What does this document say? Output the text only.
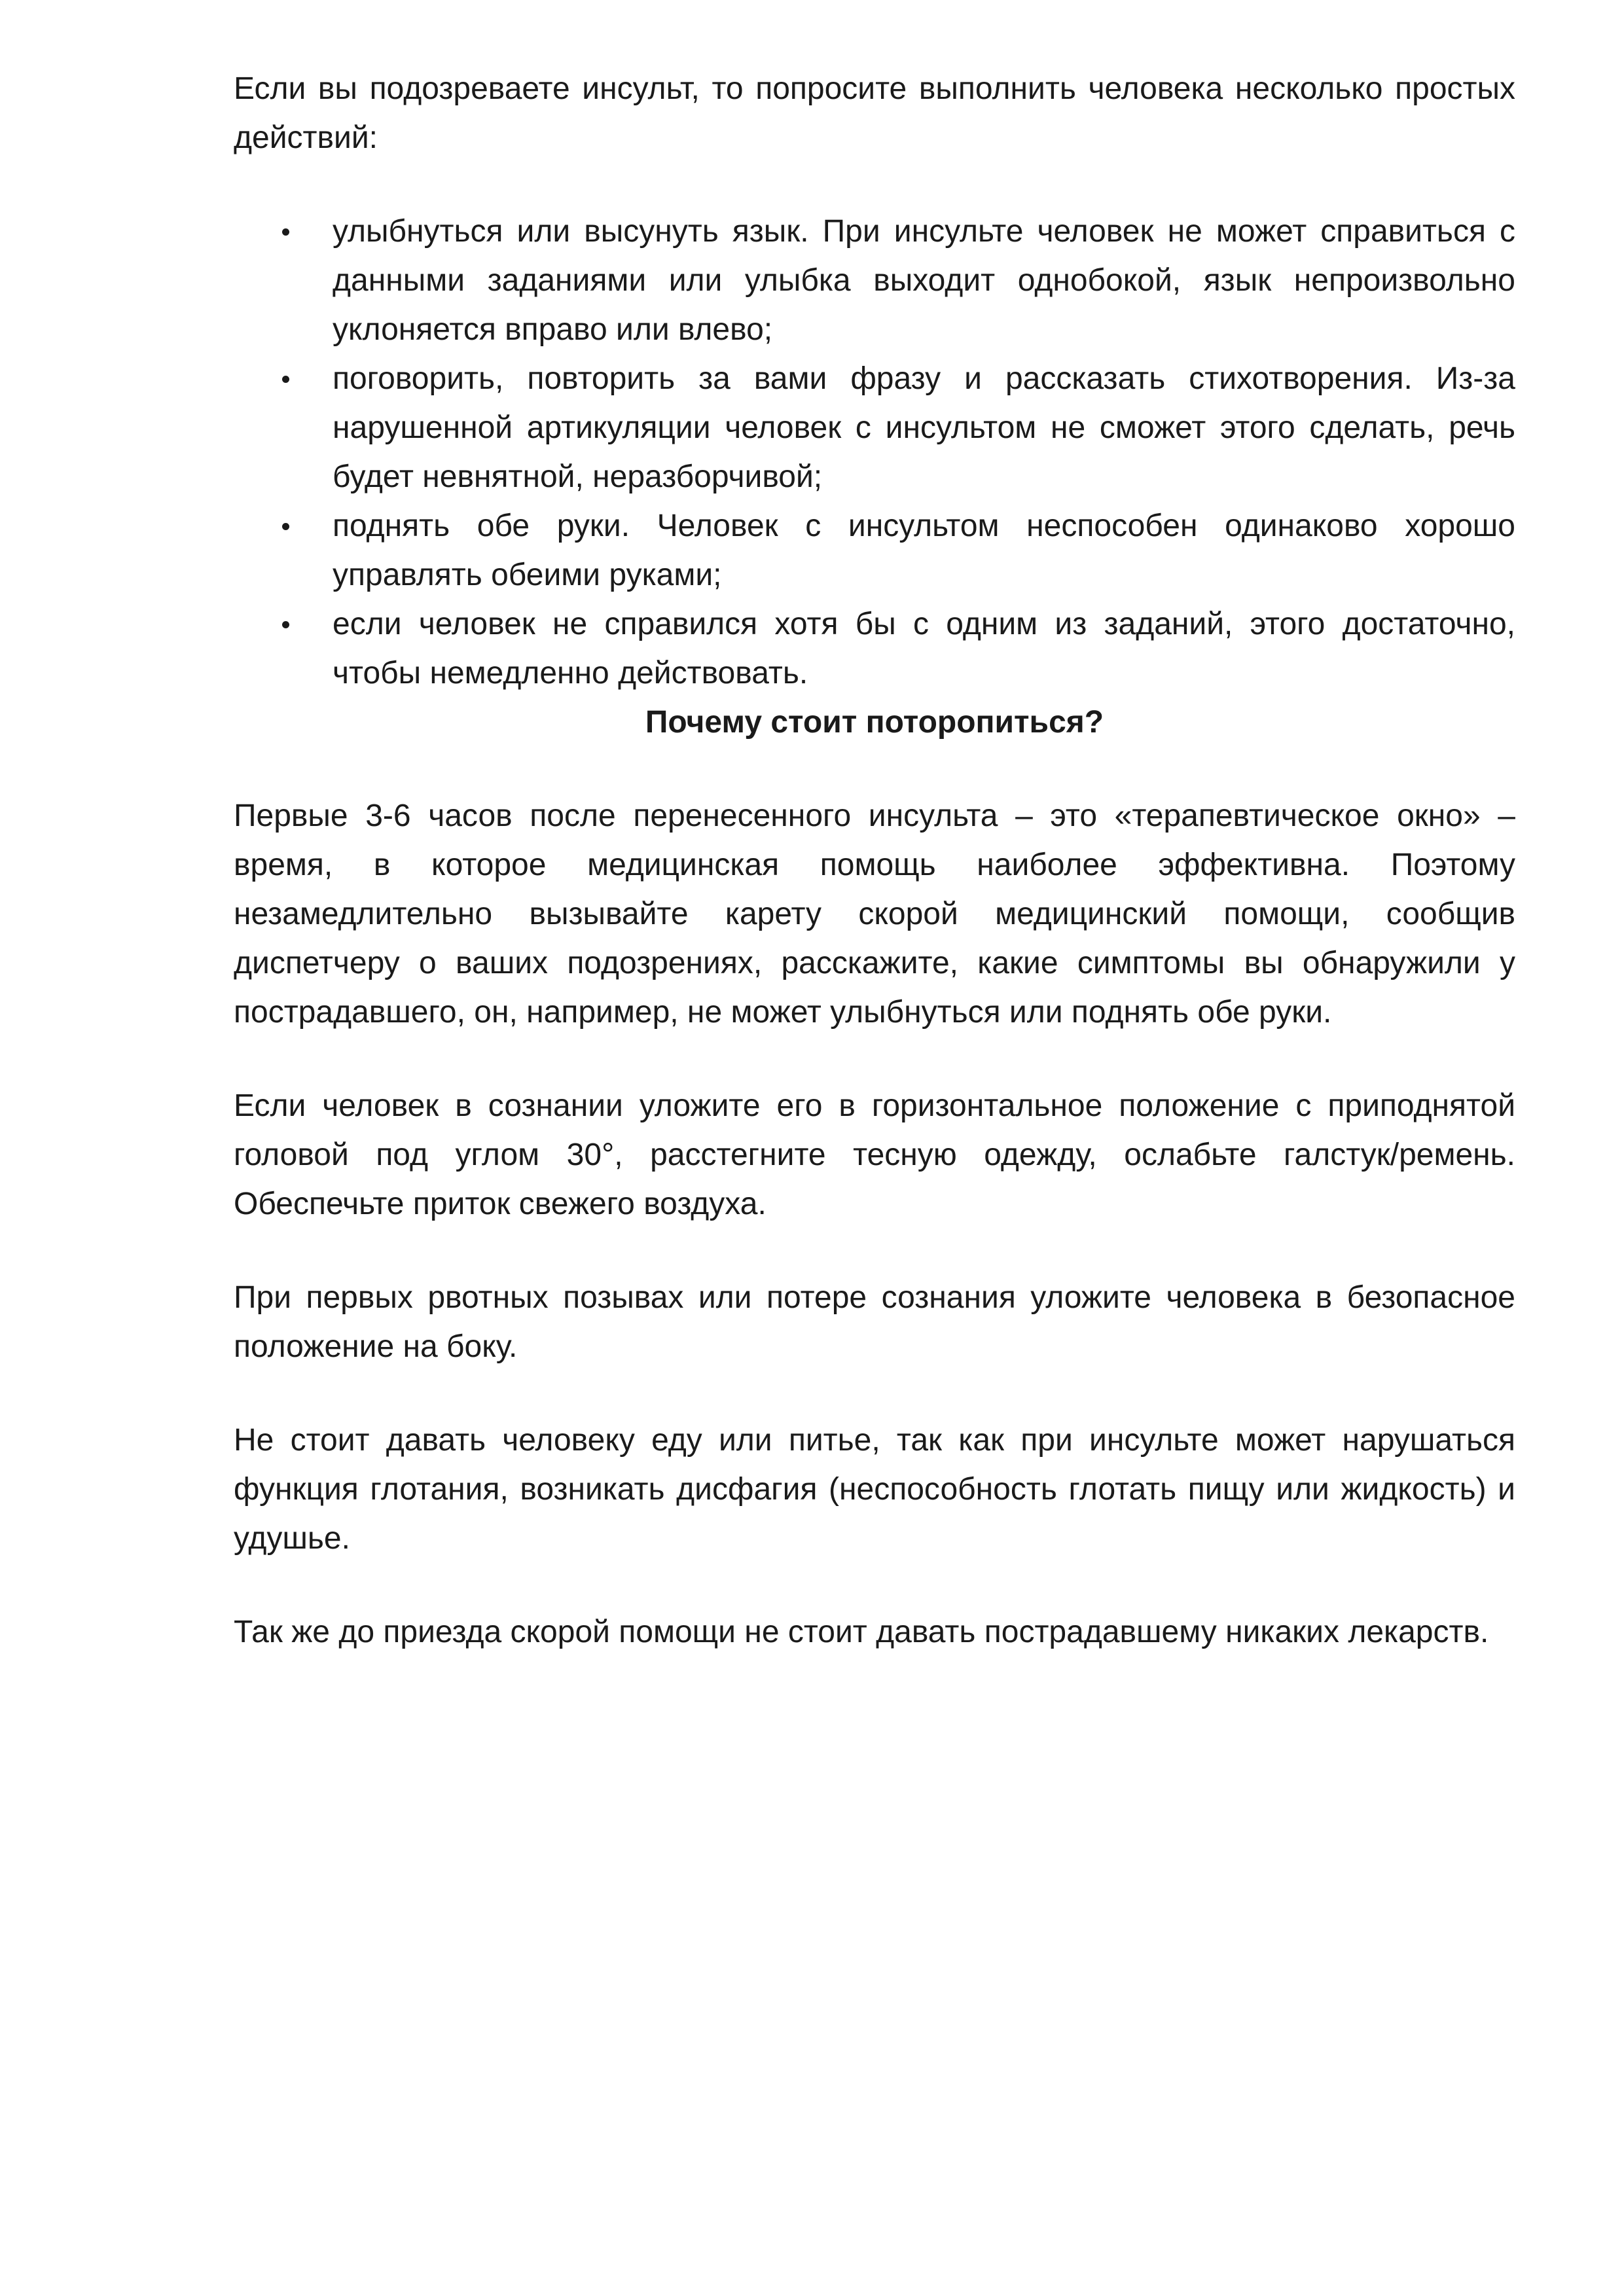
Если вы подозреваете инсульт, то попросите выполнить человека несколько простых действий:

улыбнуться или высунуть язык. При инсульте человек не может справиться с данными заданиями или улыбка выходит однобокой, язык непроизвольно уклоняется вправо или влево;
поговорить, повторить за вами фразу и рассказать стихотворения. Из-за нарушенной артикуляции человек с инсультом не сможет этого сделать, речь будет невнятной, неразборчивой;
поднять обе руки. Человек с инсультом неспособен одинаково хорошо управлять обеими руками;
если человек не справился хотя бы с одним из заданий, этого достаточно, чтобы немедленно действовать.
Почему стоит поторопиться?

Первые 3-6 часов после перенесенного инсульта – это «терапевтическое окно» – время, в которое медицинская помощь наиболее эффективна. Поэтому незамедлительно вызывайте карету скорой медицинский помощи, сообщив диспетчеру о ваших подозрениях, расскажите, какие симптомы вы обнаружили у пострадавшего, он, например, не может улыбнуться или поднять обе руки.

Если человек в сознании уложите его в горизонтальное положение с приподнятой головой под углом 30°, расстегните тесную одежду, ослабьте галстук/ремень. Обеспечьте приток свежего воздуха.

При первых рвотных позывах или потере сознания уложите человека в безопасное положение на боку.

Не стоит давать человеку еду или питье, так как при инсульте может нарушаться функция глотания, возникать дисфагия (неспособность глотать пищу или жидкость) и удушье.

Так же до приезда скорой помощи не стоит давать пострадавшему никаких лекарств.
